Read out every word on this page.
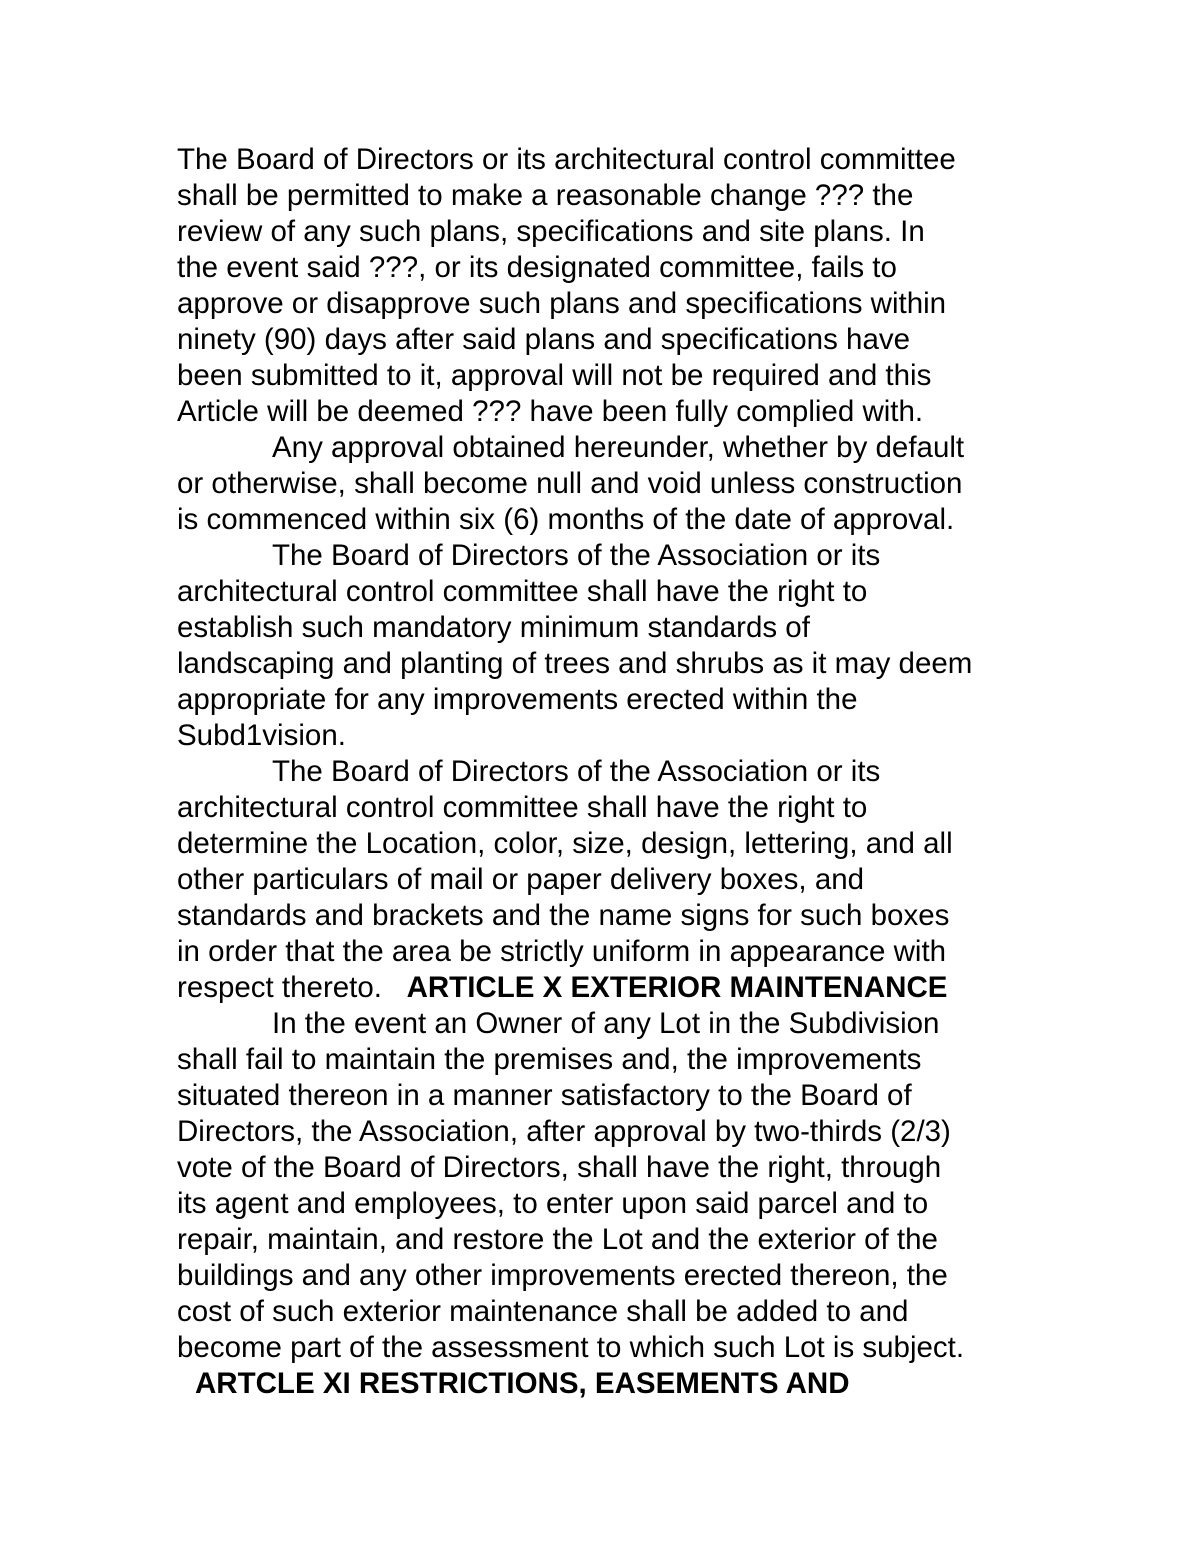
The Board of Directors or its architectural control committee
shall be permitted to make a reasonable change ??? the
review of any such plans, specifications and site plans. In
the event said ???, or its designated committee, fails to
approve or disapprove such plans and specifications within
ninety (90) days after said plans and specifications have
been submitted to it, approval will not be required and this
Article will be deemed ??? have been fully complied with.
Any approval obtained hereunder, whether by default
or otherwise, shall become null and void unless construction
is commenced within six (6) months of the date of approval.
The Board of Directors of the Association or its
architectural control committee shall have the right to
establish such mandatory minimum standards of
landscaping and planting of trees and shrubs as it may deem
appropriate for any improvements erected within the
Subd1vision.
The Board of Directors of the Association or its
architectural control committee shall have the right to
determine the Location, color, size, design, lettering, and all
other particulars of mail or paper delivery boxes, and
standards and brackets and the name signs for such boxes
in order that the area be strictly uniform in appearance with
respect thereto. ARTICLE X EXTERIOR MAINTENANCE
In the event an Owner of any Lot in the Subdivision
shall fail to maintain the premises and, the improvements
situated thereon in a manner satisfactory to the Board of
Directors, the Association, after approval by two-thirds (2/3)
vote of the Board of Directors, shall have the right, through
its agent and employees, to enter upon said parcel and to
repair, maintain, and restore the Lot and the exterior of the
buildings and any other improvements erected thereon, the
cost of such exterior maintenance shall be added to and
become part of the assessment to which such Lot is subject.
ARTCLE XI RESTRICTIONS, EASEMENTS AND
